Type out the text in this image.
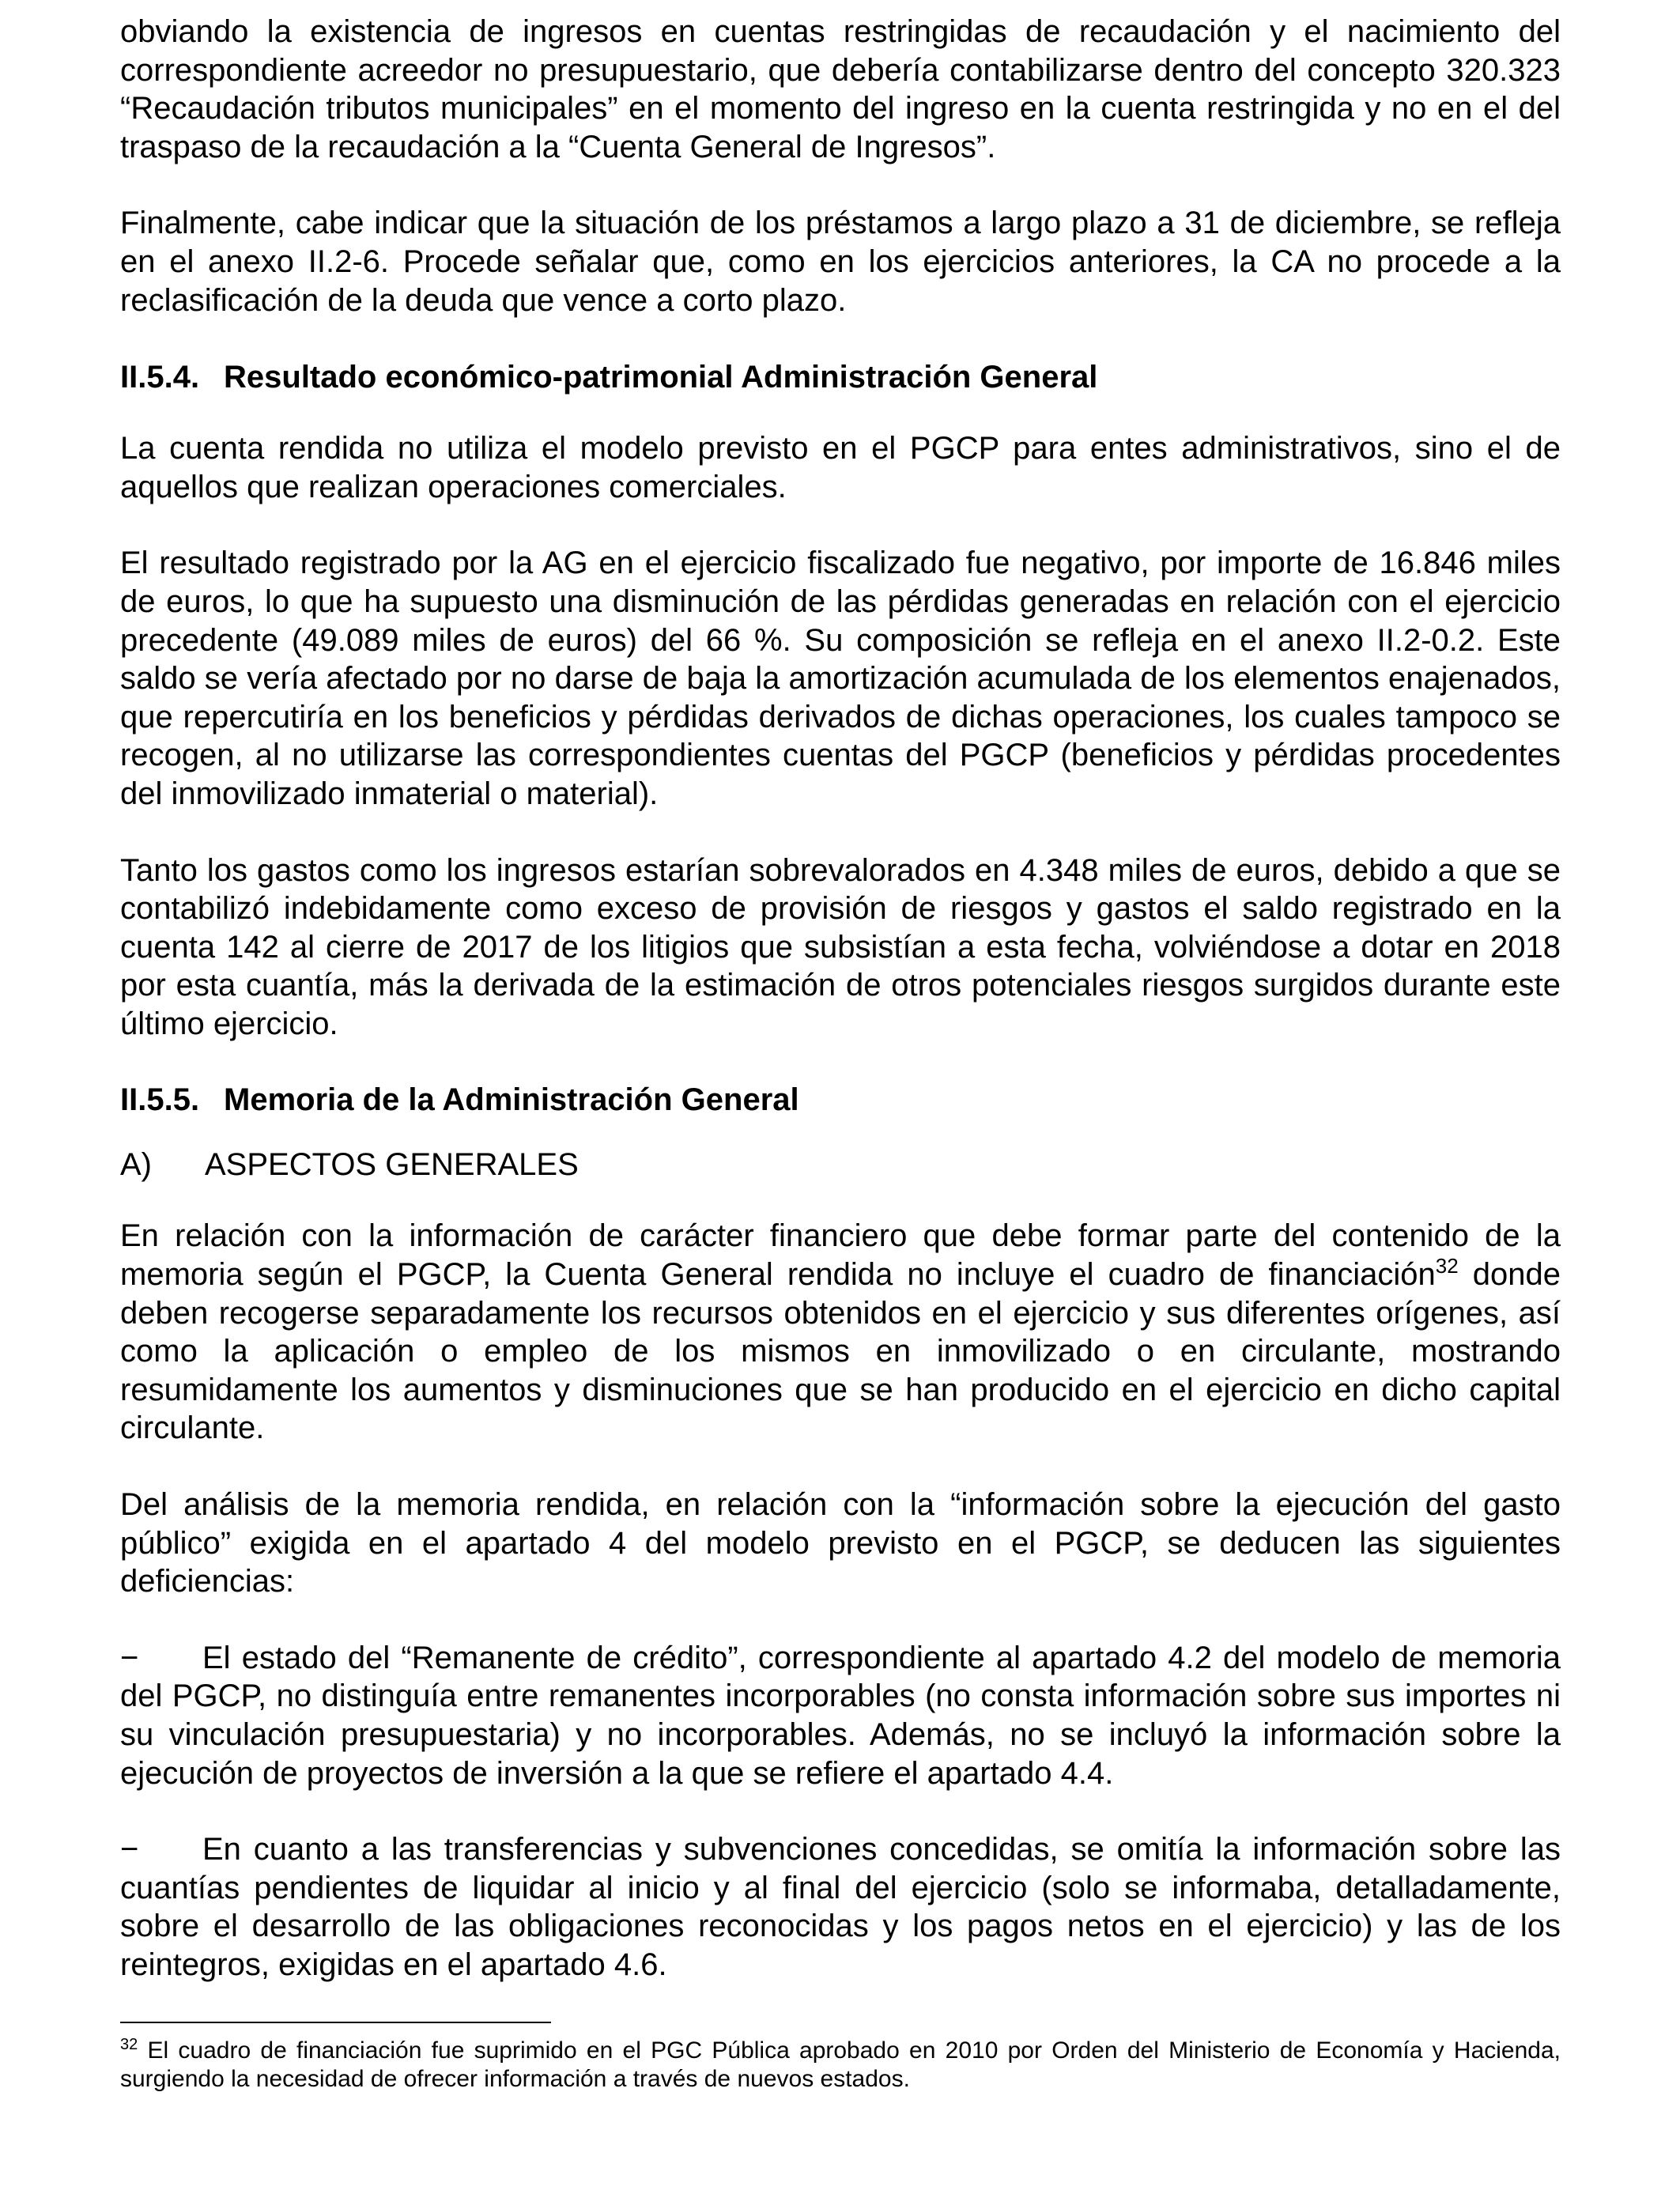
obviando la existencia de ingresos en cuentas restringidas de recaudación y el nacimiento del correspondiente acreedor no presupuestario, que debería contabilizarse dentro del concepto 320.323 “Recaudación tributos municipales” en el momento del ingreso en la cuenta restringida y no en el del traspaso de la recaudación a la “Cuenta General de Ingresos”.

Finalmente, cabe indicar que la situación de los préstamos a largo plazo a 31 de diciembre, se refleja en el anexo II.2-6. Procede señalar que, como en los ejercicios anteriores, la CA no procede a la reclasificación de la deuda que vence a corto plazo.

II.5.4. Resultado económico-patrimonial Administración General

La cuenta rendida no utiliza el modelo previsto en el PGCP para entes administrativos, sino el de aquellos que realizan operaciones comerciales.

El resultado registrado por la AG en el ejercicio fiscalizado fue negativo, por importe de 16.846 miles de euros, lo que ha supuesto una disminución de las pérdidas generadas en relación con el ejercicio precedente (49.089 miles de euros) del 66 %. Su composición se refleja en el anexo II.2-0.2. Este saldo se vería afectado por no darse de baja la amortización acumulada de los elementos enajenados, que repercutiría en los beneficios y pérdidas derivados de dichas operaciones, los cuales tampoco se recogen, al no utilizarse las correspondientes cuentas del PGCP (beneficios y pérdidas procedentes del inmovilizado inmaterial o material).

Tanto los gastos como los ingresos estarían sobrevalorados en 4.348 miles de euros, debido a que se contabilizó indebidamente como exceso de provisión de riesgos y gastos el saldo registrado en la cuenta 142 al cierre de 2017 de los litigios que subsistían a esta fecha, volviéndose a dotar en 2018 por esta cuantía, más la derivada de la estimación de otros potenciales riesgos surgidos durante este último ejercicio.

II.5.5. Memoria de la Administración General
A) ASPECTOS GENERALES

En relación con la información de carácter financiero que debe formar parte del contenido de la memoria según el PGCP, la Cuenta General rendida no incluye el cuadro de financiación$^{32}$ donde deben recogerse separadamente los recursos obtenidos en el ejercicio y sus diferentes orígenes, así como la aplicación o empleo de los mismos en inmovilizado o en circulante, mostrando resumidamente los aumentos y disminuciones que se han producido en el ejercicio en dicho capital circulante.

Del análisis de la memoria rendida, en relación con la “información sobre la ejecución del gasto público” exigida en el apartado 4 del modelo previsto en el PGCP, se deducen las siguientes deficiencias:

− El estado del “Remanente de crédito”, correspondiente al apartado 4.2 del modelo de memoria del PGCP, no distinguía entre remanentes incorporables (no consta información sobre sus importes ni su vinculación presupuestaria) y no incorporables. Además, no se incluyó la información sobre la ejecución de proyectos de inversión a la que se refiere el apartado 4.4.

− En cuanto a las transferencias y subvenciones concedidas, se omitía la información sobre las cuantías pendientes de liquidar al inicio y al final del ejercicio (solo se informaba, detalladamente, sobre el desarrollo de las obligaciones reconocidas y los pagos netos en el ejercicio) y las de los reintegros, exigidas en el apartado 4.6.

$^{32}$ El cuadro de financiación fue suprimido en el PGC Pública aprobado en 2010 por Orden del Ministerio de Economía y Hacienda, surgiendo la necesidad de ofrecer información a través de nuevos estados.
